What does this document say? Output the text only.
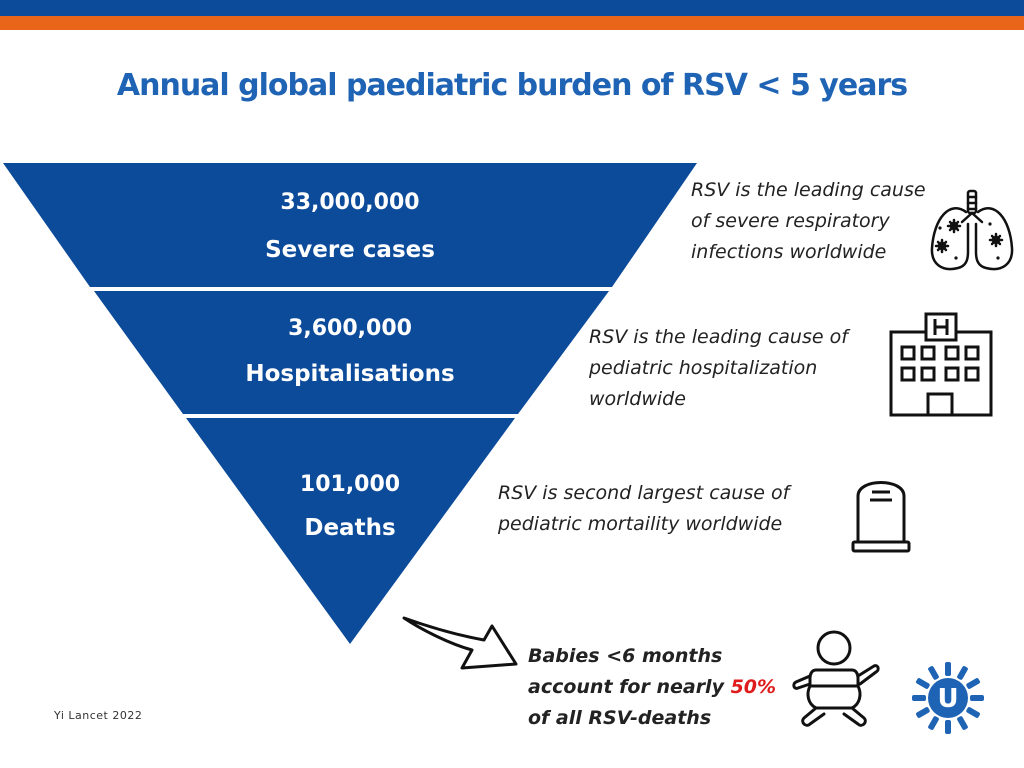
Annual global paediatric burden of RSV < 5 years
33,000,000
Severe cases
3,600,000
Hospitalisations
101,000
Deaths
RSV is the leading cause
of severe respiratory
infections worldwide
RSV is the leading cause of
pediatric hospitalization
worldwide
RSV is second largest cause of
pediatric mortaility worldwide
Babies <6 months
account for nearly 50%
of all RSV-deaths
U
Yi Lancet 2022
